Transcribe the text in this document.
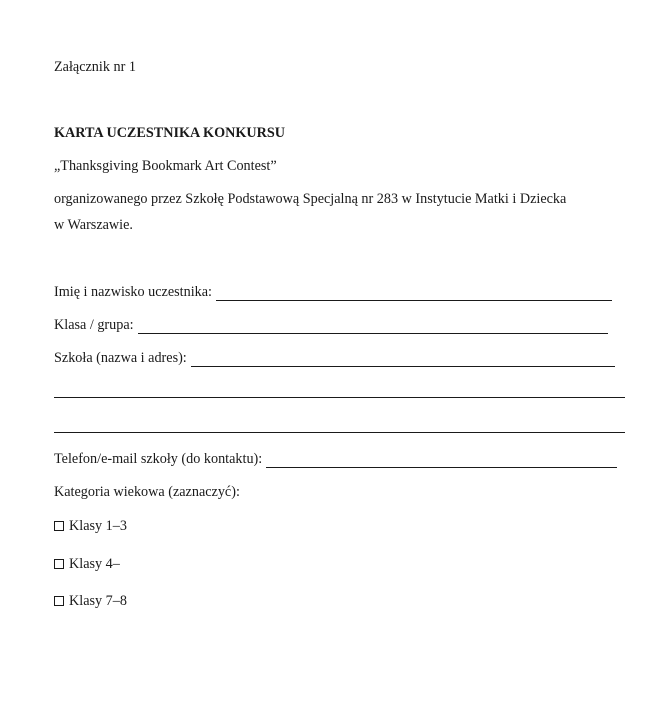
Załącznik nr 1
KARTA UCZESTNIKA KONKURSU
„Thanksgiving Bookmark Art Contest”
organizowanego przez Szkołę Podstawową Specjalną nr 283 w Instytucie Matki i Dziecka
w Warszawie.
Imię i nazwisko uczestnika:
Klasa / grupa:
Szkoła (nazwa i adres):
Telefon/e-mail szkoły (do kontaktu):
Kategoria wiekowa (zaznaczyć):
Klasy 1–3
Klasy 4–
Klasy 7–8
